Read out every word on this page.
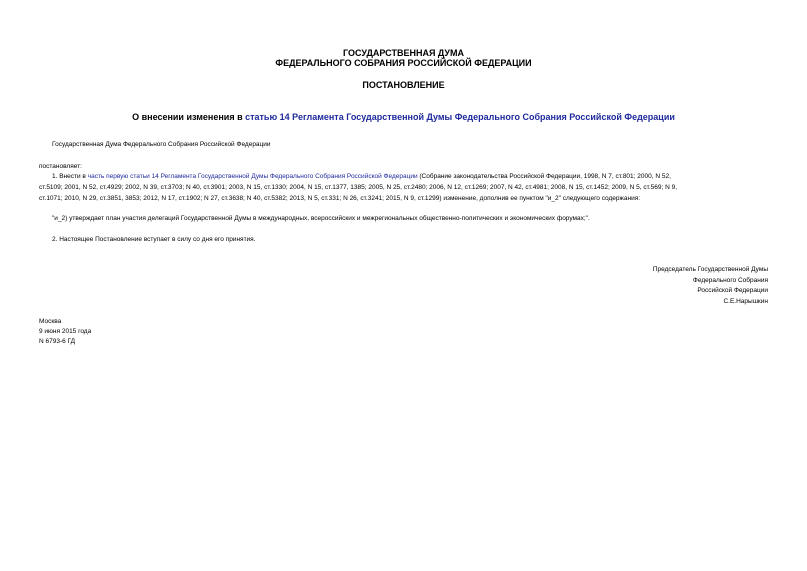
ГОСУДАРСТВЕННАЯ ДУМА
ФЕДЕРАЛЬНОГО СОБРАНИЯ РОССИЙСКОЙ ФЕДЕРАЦИИ
ПОСТАНОВЛЕНИЕ
О внесении изменения в статью 14 Регламента Государственной Думы Федерального Собрания Российской Федерации
Государственная Дума Федерального Собрания Российской Федерации
постановляет:
1. Внести в часть первую статьи 14 Регламента Государственной Думы Федерального Собрания Российской Федерации (Собрание законодательства Российской Федерации, 1998, N 7, ст.801; 2000, N 52,
ст.5109; 2001, N 52, ст.4929; 2002, N 39, ст.3703; N 40, ст.3901; 2003, N 15, ст.1330; 2004, N 15, ст.1377, 1385; 2005, N 25, ст.2480; 2006, N 12, ст.1269; 2007, N 42, ст.4981; 2008, N 15, ст.1452; 2009, N 5, ст.569; N 9,
ст.1071; 2010, N 29, ст.3851, 3853; 2012, N 17, ст.1902; N 27, ст.3638; N 40, ст.5382; 2013, N 5, ст.331; N 26, ст.3241; 2015, N 9, ст.1299) изменение, дополнив ее пунктом "и_2" следующего содержания:
"и_2) утверждает план участия делегаций Государственной Думы в международных, всероссийских и межрегиональных общественно-политических и экономических форумах;".
2. Настоящее Постановление вступает в силу со дня его принятия.
Председатель Государственной Думы
Федерального Собрания
Российской Федерации
С.Е.Нарышкин
Москва
9 июня 2015 года
N 6793-6 ГД
